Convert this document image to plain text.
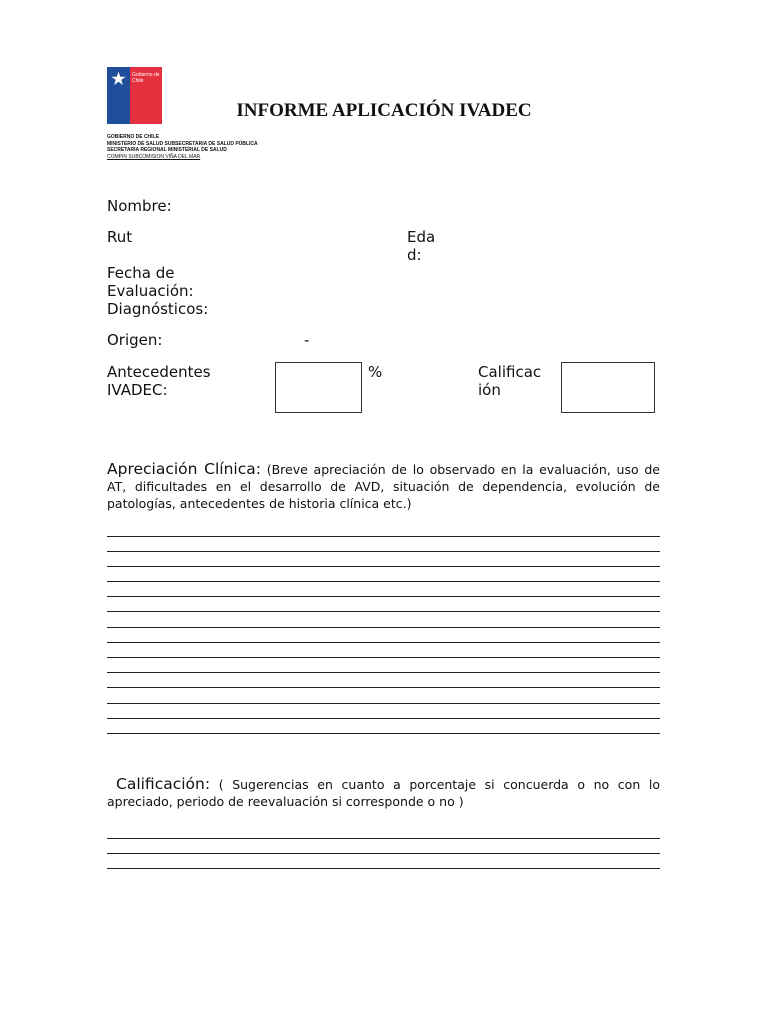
Gobierno de Chile
INFORME APLICACIÓN IVADEC
GOBIERNO DE CHILE
MINISTERIO DE SALUD SUBSECRETARIA DE SALUD PÚBLICA
SECRETARIA REGIONAL MINISTERIAL DE SALUD
COMPIN SUBCOMISION VIÑA DEL MAR
Nombre:
Rut	Eda
d:
Fecha de
Evaluación:
Diagnósticos:
Origen:	-
Antecedentes
IVADEC:
%	Calificac
ión
Apreciación Clínica: (Breve apreciación de lo observado en la evaluación, uso de AT, dificultades en el desarrollo de AVD, situación de dependencia, evolución de patologías, antecedentes de historia clínica etc.)
Calificación: ( Sugerencias en cuanto a porcentaje si concuerda o no con lo apreciado, periodo de reevaluación si corresponde o no )
